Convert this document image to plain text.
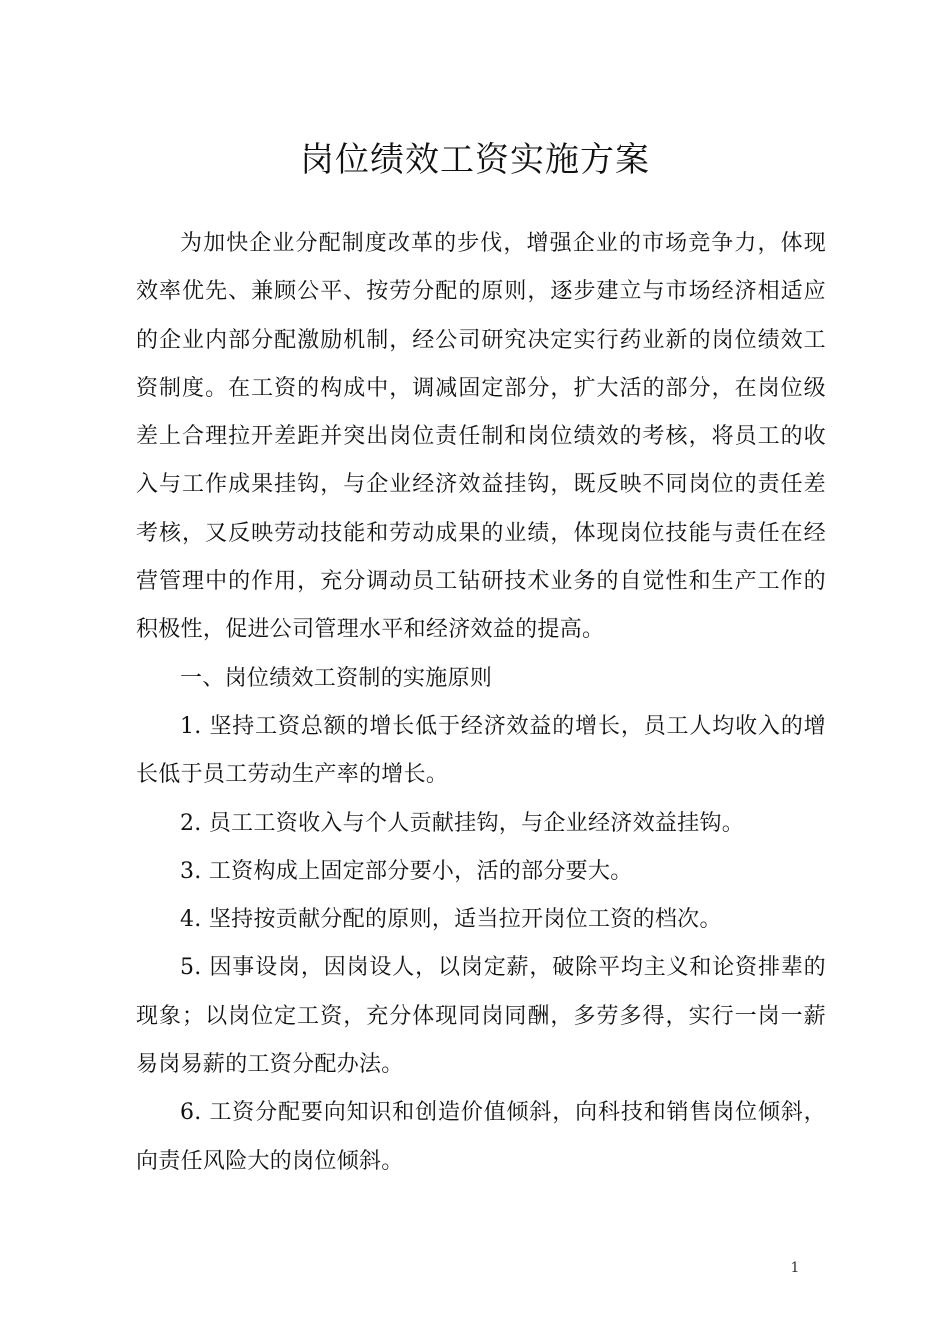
岗位绩效工资实施方案

为加快企业分配制度改革的步伐，增强企业的市场竞争力，体现效率优先、兼顾公平、按劳分配的原则，逐步建立与市场经济相适应的企业内部分配激励机制，经公司研究决定实行药业新的岗位绩效工资制度。在工资的构成中，调减固定部分，扩大活的部分，在岗位级差上合理拉开差距并突出岗位责任制和岗位绩效的考核，将员工的收入与工作成果挂钩，与企业经济效益挂钩，既反映不同岗位的责任差考核，又反映劳动技能和劳动成果的业绩，体现岗位技能与责任在经营管理中的作用，充分调动员工钻研技术业务的自觉性和生产工作的积极性，促进公司管理水平和经济效益的提高。

一、岗位绩效工资制的实施原则

1. 坚持工资总额的增长低于经济效益的增长，员工人均收入的增长低于员工劳动生产率的增长。

2. 员工工资收入与个人贡献挂钩，与企业经济效益挂钩。

3. 工资构成上固定部分要小，活的部分要大。

4. 坚持按贡献分配的原则，适当拉开岗位工资的档次。

5. 因事设岗，因岗设人，以岗定薪，破除平均主义和论资排辈的现象；以岗位定工资，充分体现同岗同酬，多劳多得，实行一岗一薪易岗易薪的工资分配办法。

6. 工资分配要向知识和创造价值倾斜，向科技和销售岗位倾斜，向责任风险大的岗位倾斜。

1
